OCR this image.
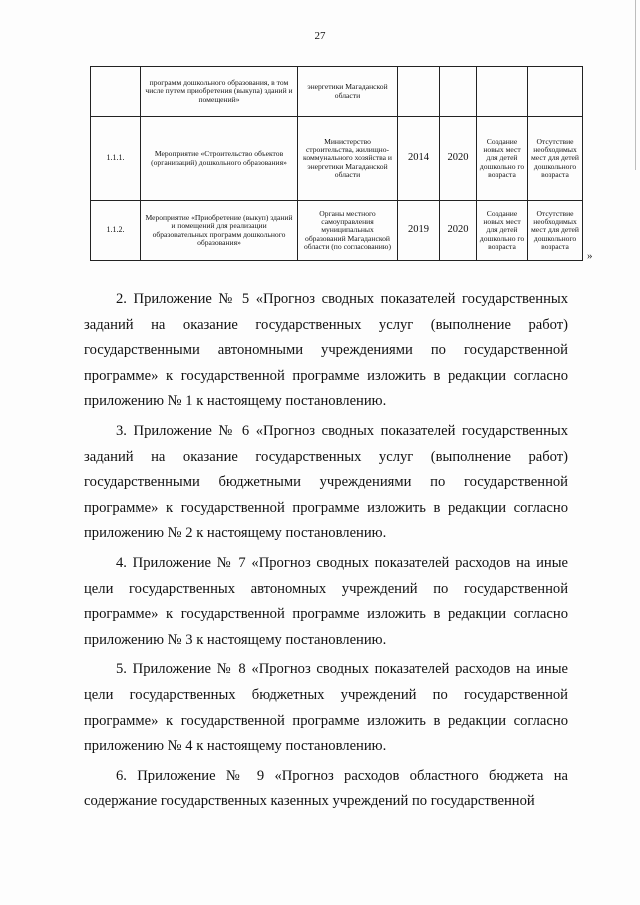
27
	программ дошкольного образования, в том числе путем приобретения (выкупа) зданий и помещений»	энергетики Магаданской области				
1.1.1.	Мероприятие «Строительство объектов (организаций) дошкольного образования»	Министерство строительства, жилищно-коммунального хозяйства и энергетики Магаданской области	2014	2020	Создание новых мест для детей дошкольно го возраста	Отсутствие необходимых мест для детей дошкольного возраста
1.1.2.	Мероприятие «Приобретение (выкуп) зданий и помещений для реализации образовательных программ дошкольного образования»	Органы местного самоуправления муниципальных образований Магаданской области (по согласованию)	2019	2020	Создание новых мест для детей дошкольно го возраста	Отсутствие необходимых мест для детей дошкольного возраста
»

2. Приложение № 5 «Прогноз сводных показателей государственных заданий на оказание государственных услуг (выполнение работ) государственными автономными учреждениями по государственной программе» к государственной программе изложить в редакции согласно приложению № 1 к настоящему постановлению.

3. Приложение № 6 «Прогноз сводных показателей государственных заданий на оказание государственных услуг (выполнение работ) государственными бюджетными учреждениями по государственной программе» к государственной программе изложить в редакции согласно приложению № 2 к настоящему постановлению.

4. Приложение № 7 «Прогноз сводных показателей расходов на иные цели государственных автономных учреждений по государственной программе» к государственной программе изложить в редакции согласно приложению № 3 к настоящему постановлению.

5. Приложение № 8 «Прогноз сводных показателей расходов на иные цели государственных бюджетных учреждений по государственной программе» к государственной программе изложить в редакции согласно приложению № 4 к настоящему постановлению.

6. Приложение № 9 «Прогноз расходов областного бюджета на содержание государственных казенных учреждений по государственной
